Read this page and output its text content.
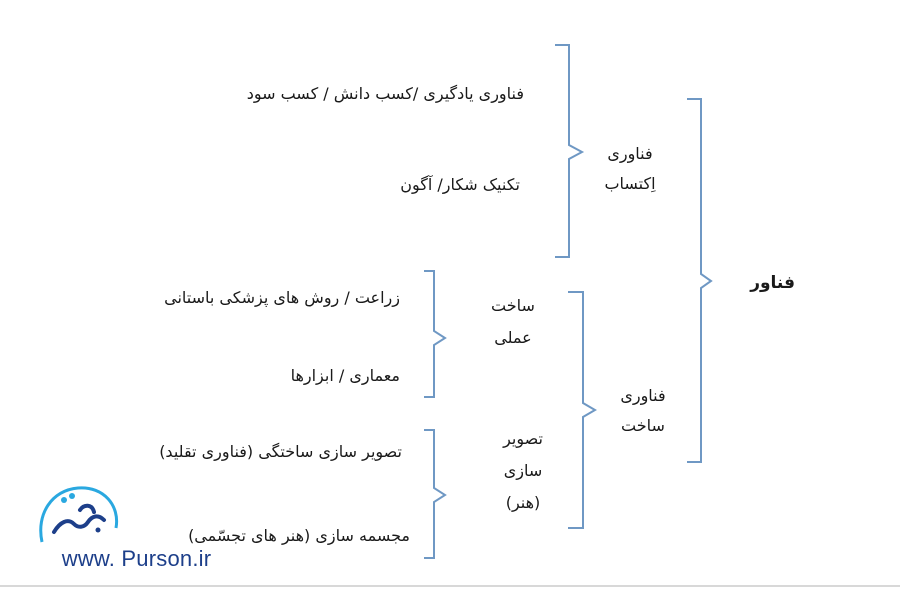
فناور
فناوری
اِکتساب
فناوری یادگیری /کسب دانش / کسب سود
تکنیک شکار/ آگون
فناوری
ساخت
ساخت
عملی
زراعت / روش های پزشکی باستانی
معماری / ابزارها
تصویر
سازی
(هنر)
تصویر سازی ساختگی (فناوری تقلید)
مجسمه سازی (هنر های تجسّمی)
www. Purson.ir
